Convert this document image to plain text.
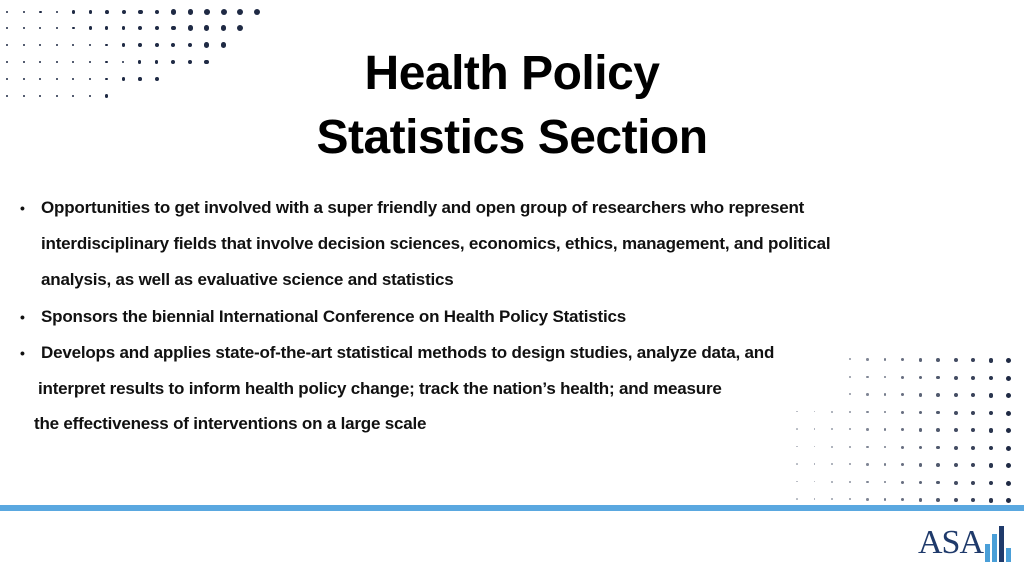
Health Policy
Statistics Section
• Opportunities to get involved with a super friendly and open group of researchers who represent
interdisciplinary fields that involve decision sciences, economics, ethics, management, and political
analysis, as well as evaluative science and statistics
• Sponsors the biennial International Conference on Health Policy Statistics
• Develops and applies state-of-the-art statistical methods to design studies, analyze data, and
interpret results to inform health policy change; track the nation’s health; and measure
the effectiveness of interventions on a large scale
ASA
